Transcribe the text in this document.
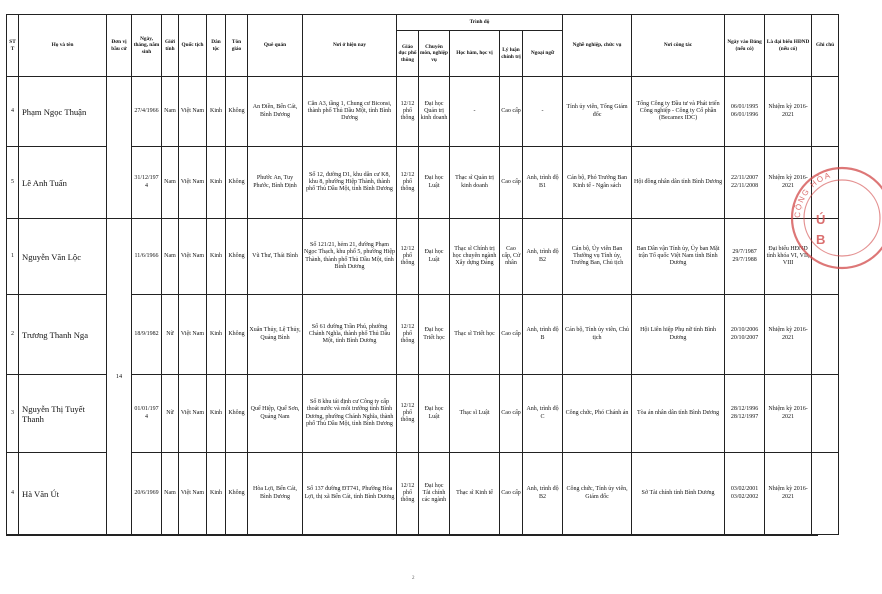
STT	Họ và tên	Đơn vị bầu cử	Ngày, tháng, năm sinh	Giới tính	Quốc tịch	Dân tộc	Tôn giáo	Quê quán	Nơi ở hiện nay	Trình độ					Nghề nghiệp, chức vụ	Nơi công tác	Ngày vào Đảng (nếu có)	Là đại biểu HĐND (nếu có)	Ghi chú
										Giáo dục phổ thông	Chuyên môn, nghiệp vụ	Học hàm, học vị	Lý luận chính trị	Ngoại ngữ					
4	Phạm Ngọc Thuận		27/4/1966	Nam	Việt Nam	Kinh	Không	An Điền, Bến Cát, Bình Dương	Căn A3, tầng 1, Chung cư Biconsi, thành phố Thủ Dầu Một, tỉnh Bình Dương	12/12 phổ thông	Đại học Quản trị kinh doanh	-	Cao cấp	-	Tỉnh ủy viên, Tổng Giám đốc	Tổng Công ty Đầu tư và Phát triển Công nghiệp - Công ty Cổ phần (Becamex IDC)	06/01/1995 06/01/1996	Nhiệm kỳ 2016-2021	
5	Lê Anh Tuấn		31/12/1974	Nam	Việt Nam	Kinh	Không	Phước An, Tuy Phước, Bình Định	Số 12, đường D1, khu dân cư K8, khu 8, phường Hiệp Thành, thành phố Thủ Dầu Một, tỉnh Bình Dương	12/12 phổ thông	Đại học Luật	Thạc sĩ Quản trị kinh doanh	Cao cấp	Anh, trình độ B1	Cán bộ, Phó Trưởng Ban Kinh tế - Ngân sách	Hội đồng nhân dân tỉnh Bình Dương	22/11/2007 22/11/2008	Nhiệm kỳ 2016-2021	
1	Nguyễn Văn Lộc	14	11/6/1966	Nam	Việt Nam	Kinh	Không	Vũ Thư, Thái Bình	Số 121/21, hẻm 21, đường Phạm Ngọc Thạch, khu phố 5, phường Hiệp Thành, thành phố Thủ Dầu Một, tỉnh Bình Dương	12/12 phổ thông	Đại học Luật	Thạc sĩ Chính trị học chuyên ngành Xây dựng Đảng	Cao cấp, Cử nhân	Anh, trình độ B2	Cán bộ, Ủy viên Ban Thường vụ Tỉnh ủy, Trưởng Ban, Chủ tịch	Ban Dân vận Tỉnh ủy, Ủy ban Mặt trận Tổ quốc Việt Nam tỉnh Bình Dương	29/7/1987 29/7/1988	Đại biểu HĐND tỉnh khóa VI, VII, VIII	
2	Trương Thanh Nga		18/9/1982	Nữ	Việt Nam	Kinh	Không	Xuân Thủy, Lệ Thủy, Quảng Bình	Số 61 đường Trần Phú, phường Chánh Nghĩa, thành phố Thủ Dầu Một, tỉnh Bình Dương	12/12 phổ thông	Đại học Triết học	Thạc sĩ Triết học	Cao cấp	Anh, trình độ B	Cán bộ, Tỉnh ủy viên, Chủ tịch	Hội Liên hiệp Phụ nữ tỉnh Bình Dương	20/10/2006 20/10/2007	Nhiệm kỳ 2016-2021	
3	Nguyễn Thị Tuyết Thanh		01/01/1974	Nữ	Việt Nam	Kinh	Không	Quế Hiệp, Quế Sơn, Quảng Nam	Số 8 khu tái định cư Công ty cấp thoát nước và môi trường tỉnh Bình Dương, phường Chánh Nghĩa, thành phố Thủ Dầu Một, tỉnh Bình Dương	12/12 phổ thông	Đại học Luật	Thạc sĩ Luật	Cao cấp	Anh, trình độ C	Công chức, Phó Chánh án	Tòa án nhân dân tỉnh Bình Dương	28/12/1996 28/12/1997	Nhiệm kỳ 2016-2021	
4	Hà Văn Út		20/6/1969	Nam	Việt Nam	Kinh	Không	Hòa Lợi, Bến Cát, Bình Dương	Số 137 đường ĐT741, Phường Hòa Lợi, thị xã Bến Cát, tỉnh Bình Dương	12/12 phổ thông	Đại học Tài chính các ngành	Thạc sĩ Kinh tế	Cao cấp	Anh, trình độ B2	Công chức, Tỉnh ủy viên, Giám đốc	Sở Tài chính tỉnh Bình Dương	03/02/2001 03/02/2002	Nhiệm kỳ 2016-2021	
CỘNG HÒA
Ú
B
2
